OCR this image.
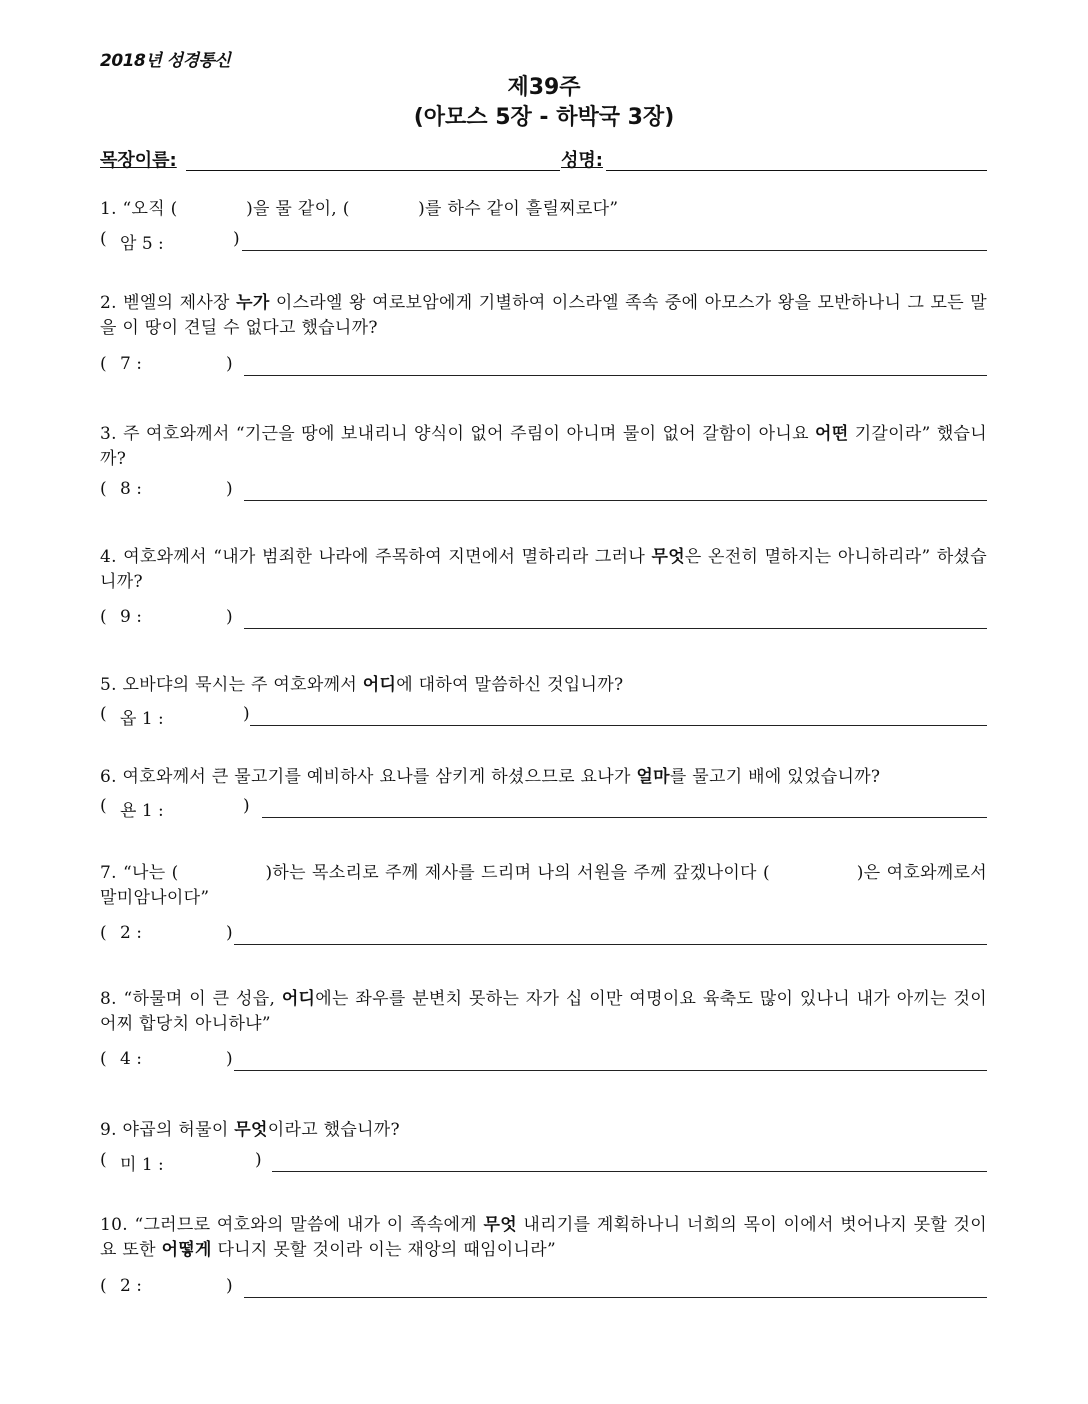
2018년 성경통신
제39주
(아모스 5장 - 하박국 3장)
목장이름:	성명:
1. “오직 (	)을 물 같이, (	)를 하수 같이 흘릴찌로다”
( 암 5 :	)
2. 벧엘의 제사장 누가 이스라엘 왕 여로보암에게 기별하여 이스라엘 족속 중에 아모스가 왕을 모반하나니 그 모든 말을 이 땅이 견딜 수 없다고 했습니까?
( 7 :	)
3. 주 여호와께서 “기근을 땅에 보내리니 양식이 없어 주림이 아니며 물이 없어 갈함이 아니요 어떤 기갈이라” 했습니까?
( 8 :	)
4. 여호와께서 “내가 범죄한 나라에 주목하여 지면에서 멸하리라 그러나 무엇은 온전히 멸하지는 아니하리라” 하셨습니까?
( 9 :	)
5. 오바댜의 묵시는 주 여호와께서 어디에 대하여 말씀하신 것입니까?
( 옵 1 :	)
6. 여호와께서 큰 물고기를 예비하사 요나를 삼키게 하셨으므로 요나가 얼마를 물고기 배에 있었습니까?
( 욘 1 :	)
7. “나는 (	)하는 목소리로 주께 제사를 드리며 나의 서원을 주께 갚겠나이다 (	)은 여호와께로서 말미암나이다”
( 2 :	)
8. “하물며 이 큰 성읍, 어디에는 좌우를 분변치 못하는 자가 십 이만 여명이요 육축도 많이 있나니 내가 아끼는 것이 어찌 합당치 아니하냐”
( 4 :	)
9. 야곱의 허물이 무엇이라고 했습니까?
( 미 1 :	)
10. “그러므로 여호와의 말씀에 내가 이 족속에게 무엇 내리기를 계획하나니 너희의 목이 이에서 벗어나지 못할 것이요 또한 어떻게 다니지 못할 것이라 이는 재앙의 때임이니라”
( 2 :	)
